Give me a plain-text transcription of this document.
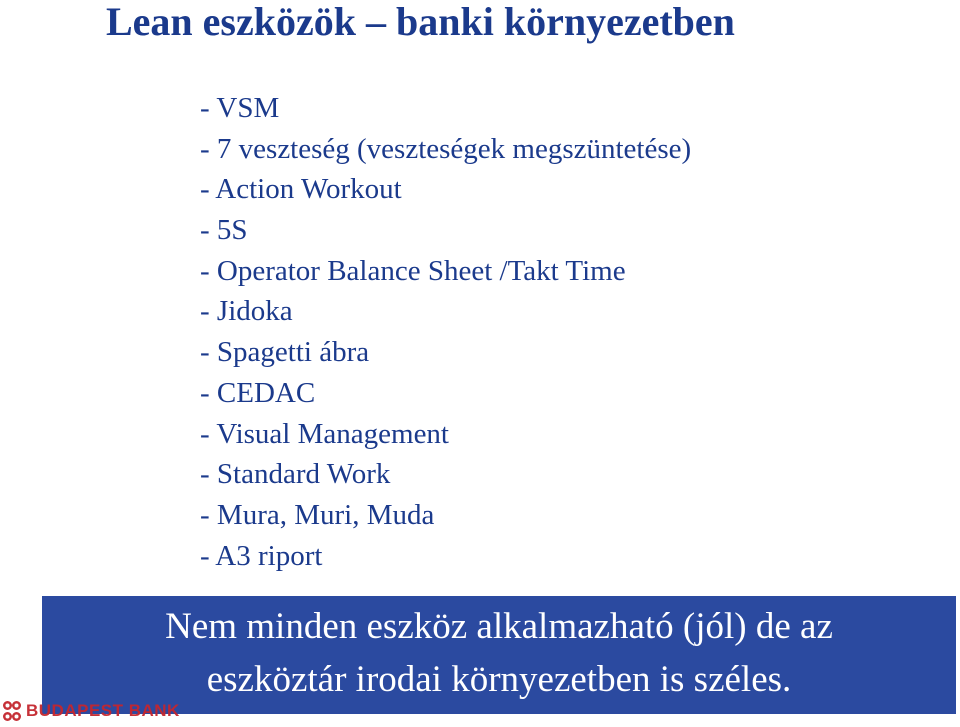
Lean eszközök – banki környezetben
- VSM
- 7 veszteség (veszteségek megszüntetése)
- Action Workout
- 5S
- Operator Balance Sheet /Takt Time
- Jidoka
- Spagetti ábra
- CEDAC
- Visual Management
- Standard Work
- Mura, Muri, Muda
- A3 riport
Nem minden eszköz alkalmazható (jól) de az
eszköztár irodai környezetben is széles.
BUDAPEST BANK
